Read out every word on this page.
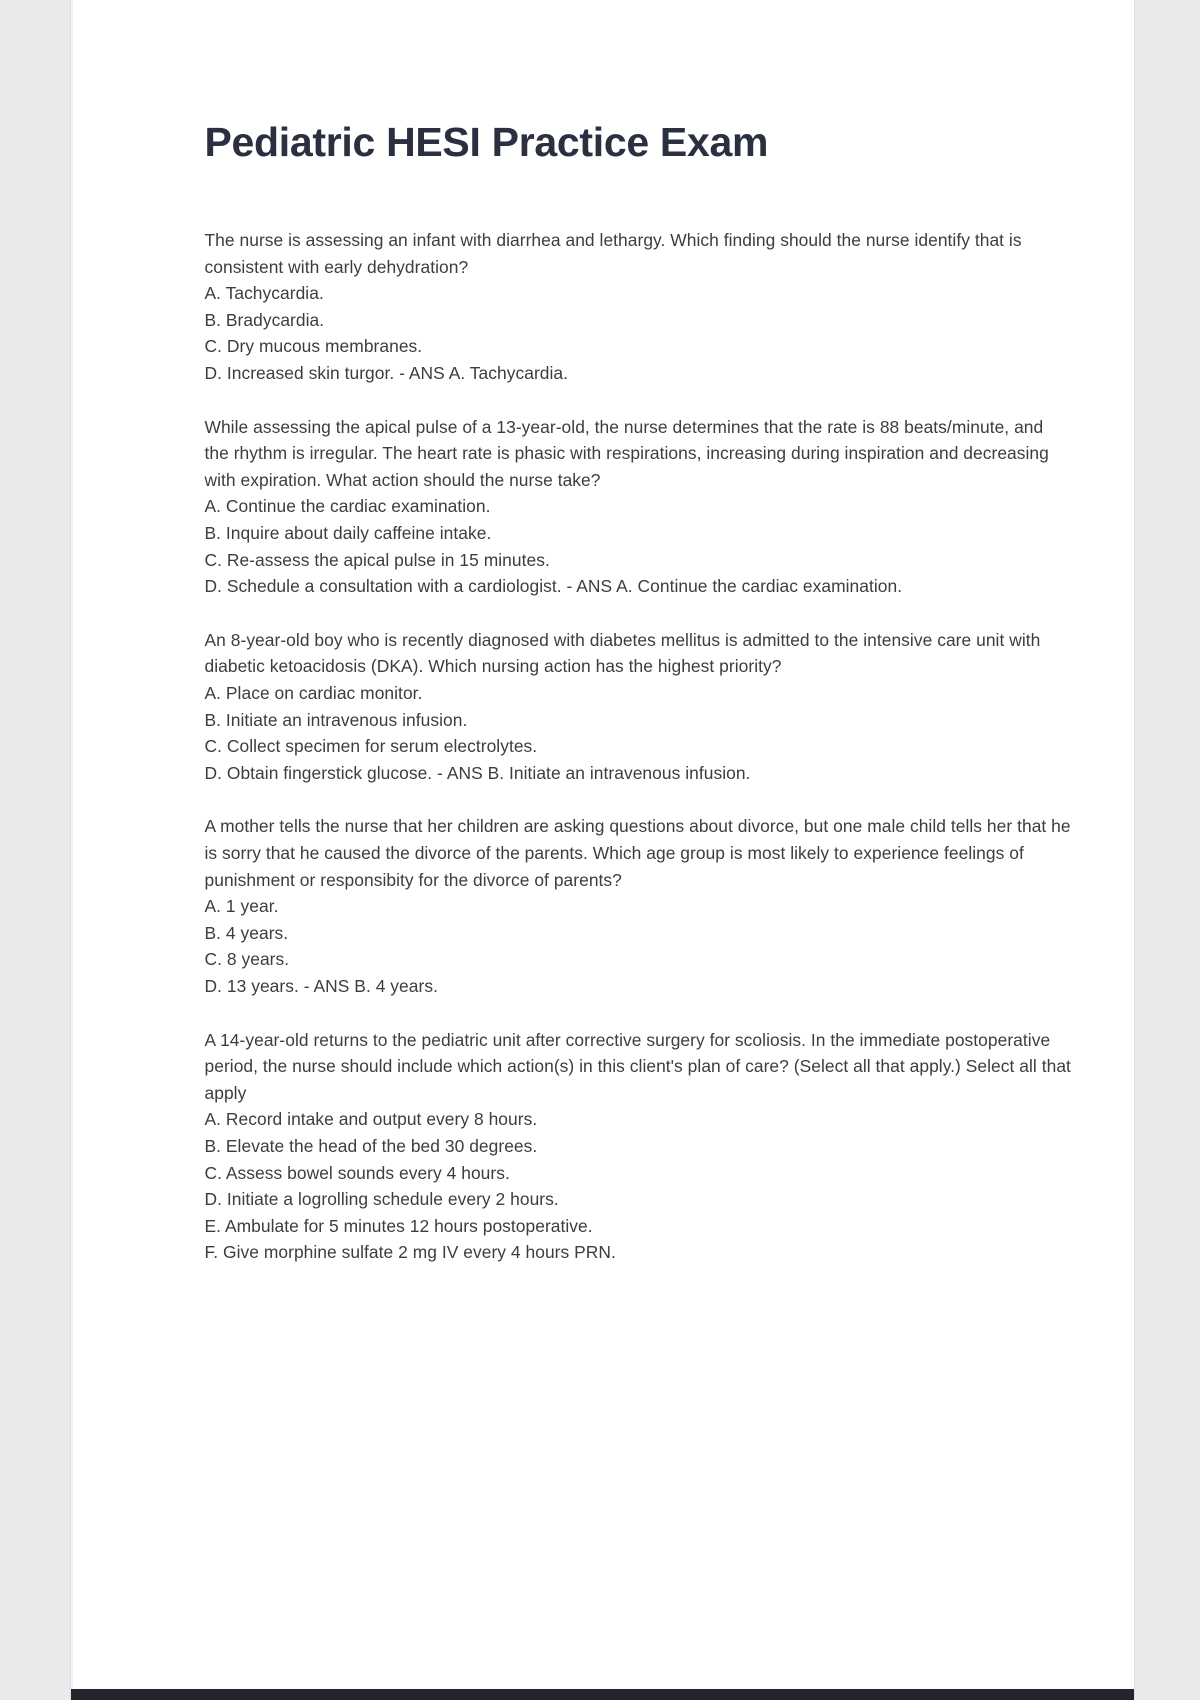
Pediatric HESI Practice Exam

The nurse is assessing an infant with diarrhea and lethargy. Which finding should the nurse identify that is consistent with early dehydration?

A. Tachycardia.
B. Bradycardia.
C. Dry mucous membranes.
D. Increased skin turgor. - ANS A. Tachycardia.

While assessing the apical pulse of a 13-year-old, the nurse determines that the rate is 88 beats/minute, and the rhythm is irregular. The heart rate is phasic with respirations, increasing during inspiration and decreasing with expiration. What action should the nurse take?

A. Continue the cardiac examination.
B. Inquire about daily caffeine intake.
C. Re-assess the apical pulse in 15 minutes.
D. Schedule a consultation with a cardiologist. - ANS A. Continue the cardiac examination.

An 8-year-old boy who is recently diagnosed with diabetes mellitus is admitted to the intensive care unit with diabetic ketoacidosis (DKA). Which nursing action has the highest priority?

A. Place on cardiac monitor.
B. Initiate an intravenous infusion.
C. Collect specimen for serum electrolytes.
D. Obtain fingerstick glucose. - ANS B. Initiate an intravenous infusion.

A mother tells the nurse that her children are asking questions about divorce, but one male child tells her that he is sorry that he caused the divorce of the parents. Which age group is most likely to experience feelings of punishment or responsibity for the divorce of parents?

A. 1 year.
B. 4 years.
C. 8 years.
D. 13 years. - ANS B. 4 years.

A 14-year-old returns to the pediatric unit after corrective surgery for scoliosis. In the immediate postoperative period, the nurse should include which action(s) in this client's plan of care? (Select all that apply.) Select all that apply

A. Record intake and output every 8 hours.
B. Elevate the head of the bed 30 degrees.
C. Assess bowel sounds every 4 hours.
D. Initiate a logrolling schedule every 2 hours.
E. Ambulate for 5 minutes 12 hours postoperative.
F. Give morphine sulfate 2 mg IV every 4 hours PRN.
